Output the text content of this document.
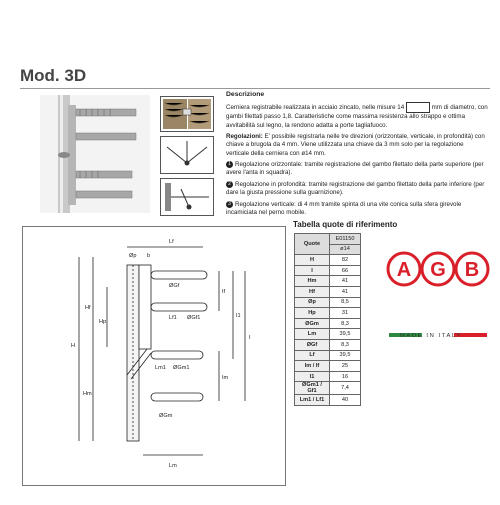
Mod. 3D

Descrizione

Cerniera registrabile realizzata in acciaio zincato, nelle misure 14	mm di diametro, con gambi filettati passo 1,8. Caratteristiche come massima resistenza allo strappo e ottima avvitabilità sul legno, la rendono adatta a porte tagliafuoco.

Regolazioni: E' possibile registrarla nelle tre direzioni (orizzontale, verticale, in profondità) con chiave a brugola da 4 mm. Viene utilizzata una chiave da 3 mm solo per la regolazione verticale della cerniera con ø14 mm.

1 Regolazione orizzontale: tramite registrazione del gambo filettato della parte superiore (per avere l'anta in squadra).

2 Regolazione in profondità: tramite registrazione del gambo filettato della parte inferiore (per dare la giusta pressione sulla guarnizione).

3 Regolazione verticale: di 4 mm tramite spinta di una vite conica sulla sfera girevole incamiciata nel perno mobile.

Øp b
Lf
ØGf
Lf1 ØGf1
Hf
Hp
H
Hm
Lm1 ØGm1
Lm
ØGm
If
I1
Im
I
Tabella quote di riferimento
Quote	E01150
	ø14
H	82
I	66
Hm	41
Hf	41
Øp	8,5
Hp	31
ØGm	8,3
Lm	39,5
ØGf	8,3
Lf	39,5
Im / If	25
I1	16
ØGm1 / Gf1	7,4
Lm1 / Lf1	40
A G B
MADE IN ITALY
